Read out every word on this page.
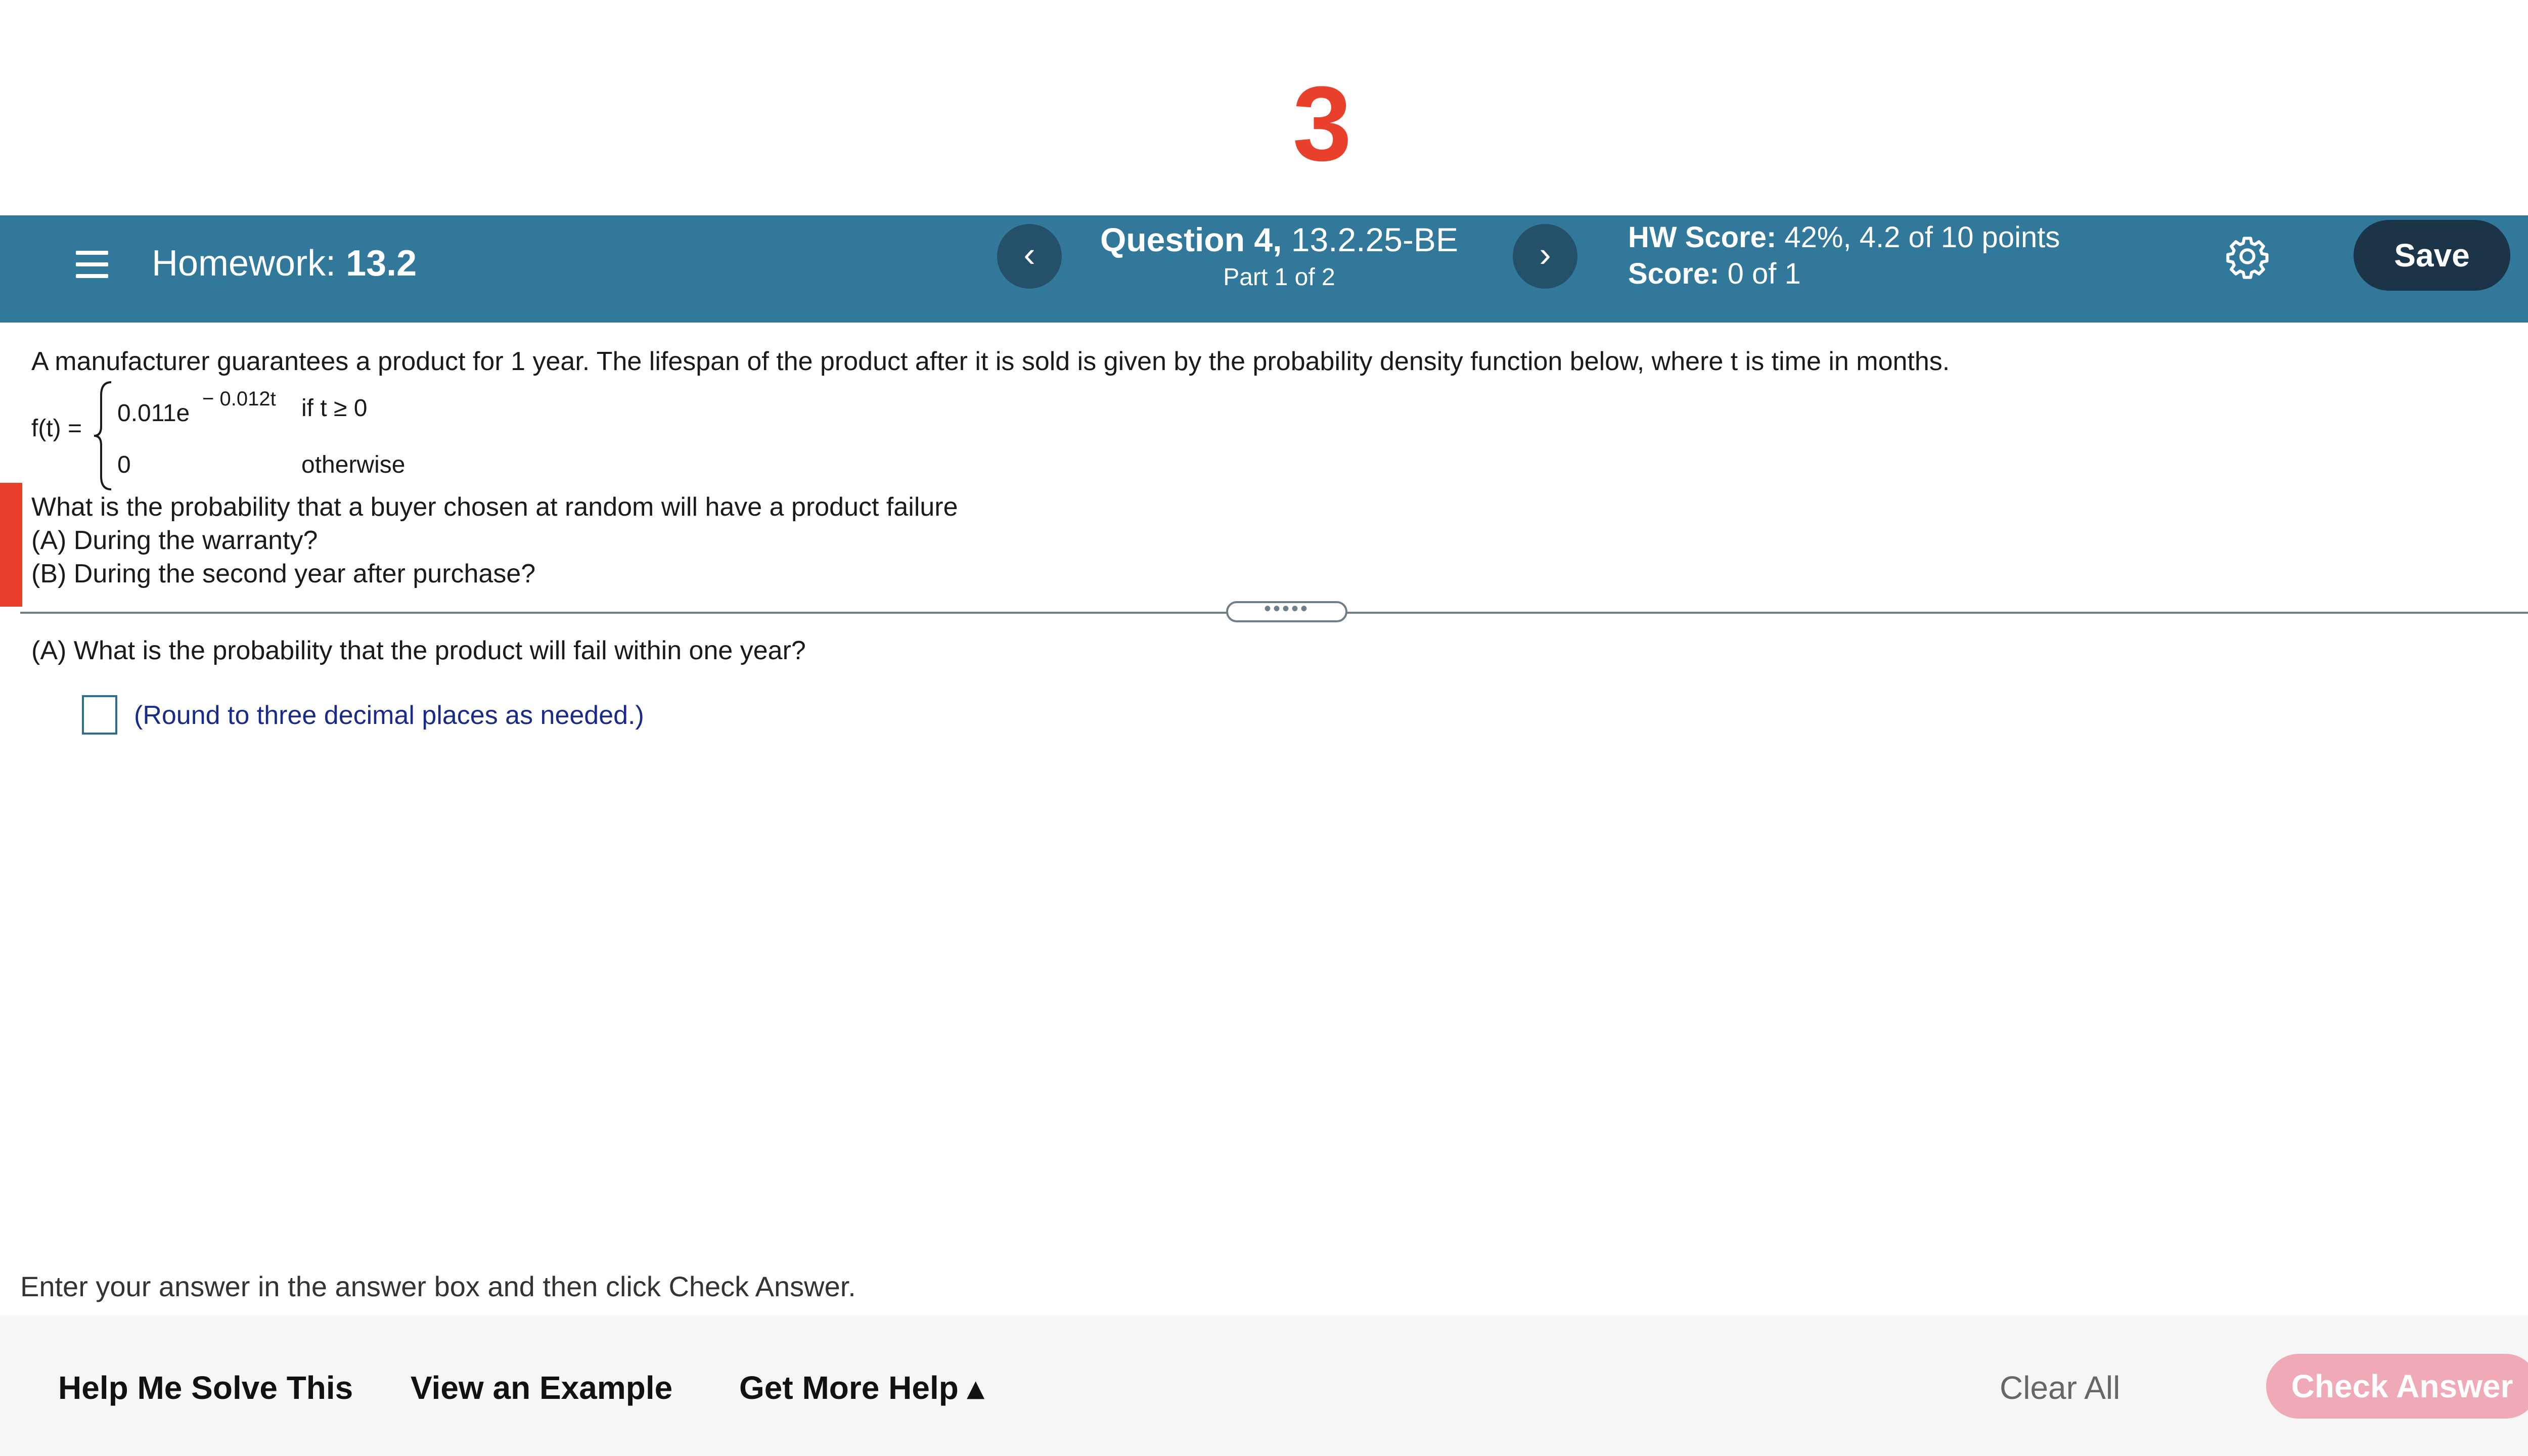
3
Homework: 13.2	‹	Question 4, 13.2.25-BE
Part 1 of 2
›	HW Score: 42%, 4.2 of 10 points
Score: 0 of 1
Save
A manufacturer guarantees a product for 1 year. The lifespan of the product after it is sold is given by the probability density function below, where t is time in months.
f(t) =
0.011e
− 0.012t if t ≥ 0
0	otherwise
What is the probability that a buyer chosen at random will have a product failure
(A) During the warranty?
(B) During the second year after purchase?
•••••
(A) What is the probability that the product will fail within one year?
(Round to three decimal places as needed.)
Enter your answer in the answer box and then click Check Answer.
Help Me Solve This View an Example Get More Help ▴	Clear All	Check Answer
